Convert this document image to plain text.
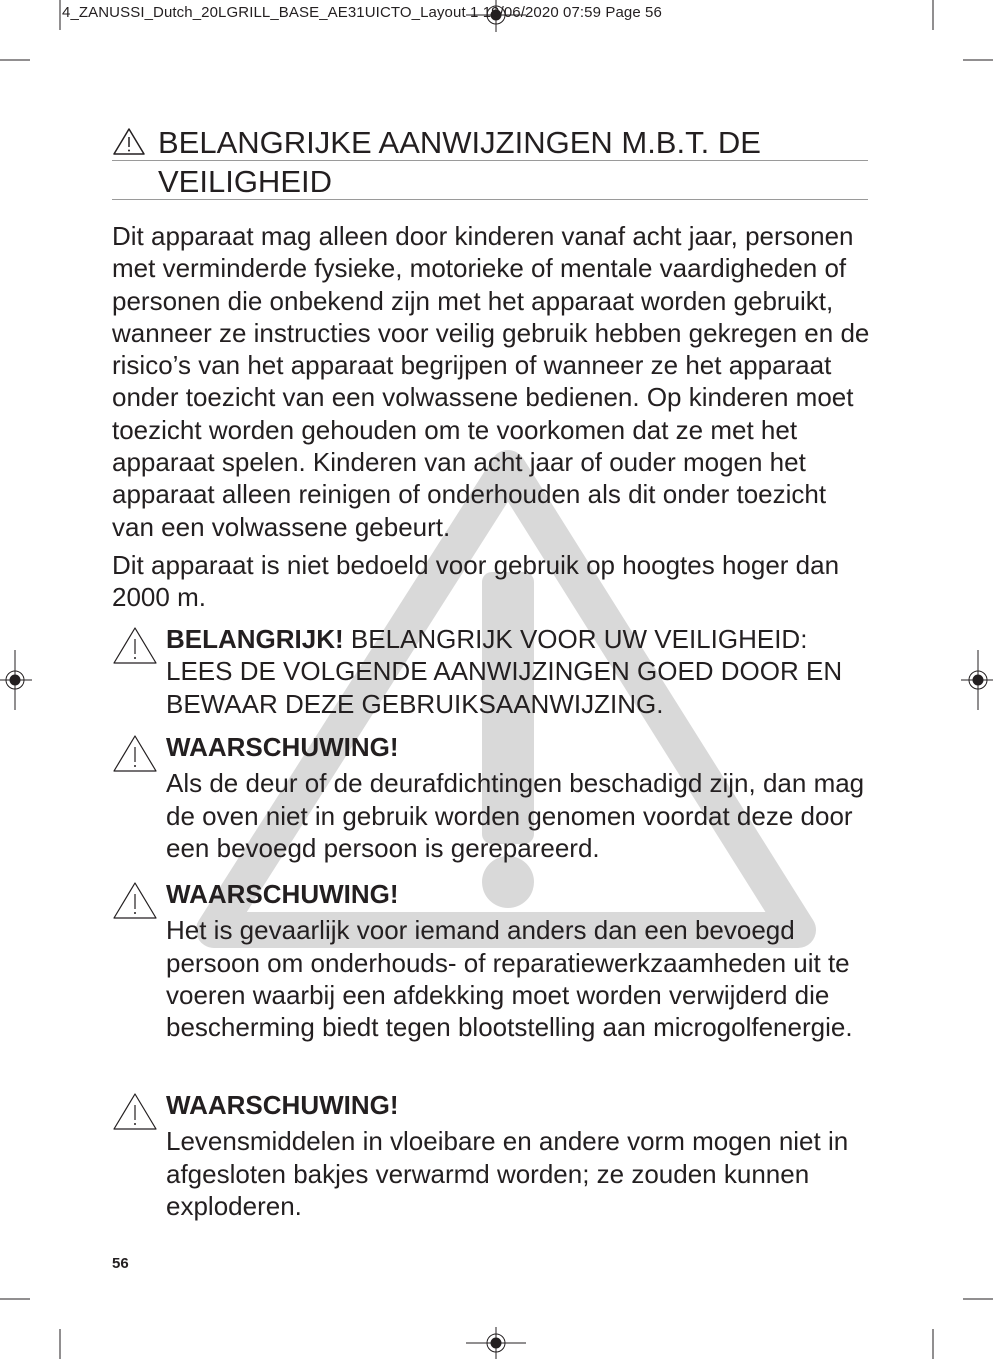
4_ZANUSSI_Dutch_20LGRILL_BASE_AE31UICTO_Layout 1 19/06/2020 07:59 Page 56
BELANGRIJKE AANWIJZINGEN M.B.T. DE
VEILIGHEID

Dit apparaat mag alleen door kinderen vanaf acht jaar, personen met verminderde fysieke, motorieke of mentale vaardigheden of personen die onbekend zijn met het apparaat worden gebruikt, wanneer ze instructies voor veilig gebruik hebben gekregen en de risico’s van het apparaat begrijpen of wanneer ze het apparaat onder toezicht van een volwassene bedienen. Op kinderen moet toezicht worden gehouden om te voorkomen dat ze met het apparaat spelen. Kinderen van acht jaar of ouder mogen het apparaat alleen reinigen of onderhouden als dit onder toezicht van een volwassene gebeurt.

Dit apparaat is niet bedoeld voor gebruik op hoogtes hoger dan 2000 m.

BELANGRIJK! BELANGRIJK VOOR UW VEILIGHEID: LEES DE VOLGENDE AANWIJZINGEN GOED DOOR EN BEWAAR DEZE GEBRUIKSAANWIJZING.

WAARSCHUWING!

Als de deur of de deurafdichtingen beschadigd zijn, dan mag de oven niet in gebruik worden genomen voordat deze door een bevoegd persoon is gerepareerd.

WAARSCHUWING!

Het is gevaarlijk voor iemand anders dan een bevoegd persoon om onderhouds- of reparatiewerkzaamheden uit te voeren waarbij een afdekking moet worden verwijderd die bescherming biedt tegen blootstelling aan microgolfenergie.

WAARSCHUWING!

Levensmiddelen in vloeibare en andere vorm mogen niet in afgesloten bakjes verwarmd worden; ze zouden kunnen exploderen.

56
